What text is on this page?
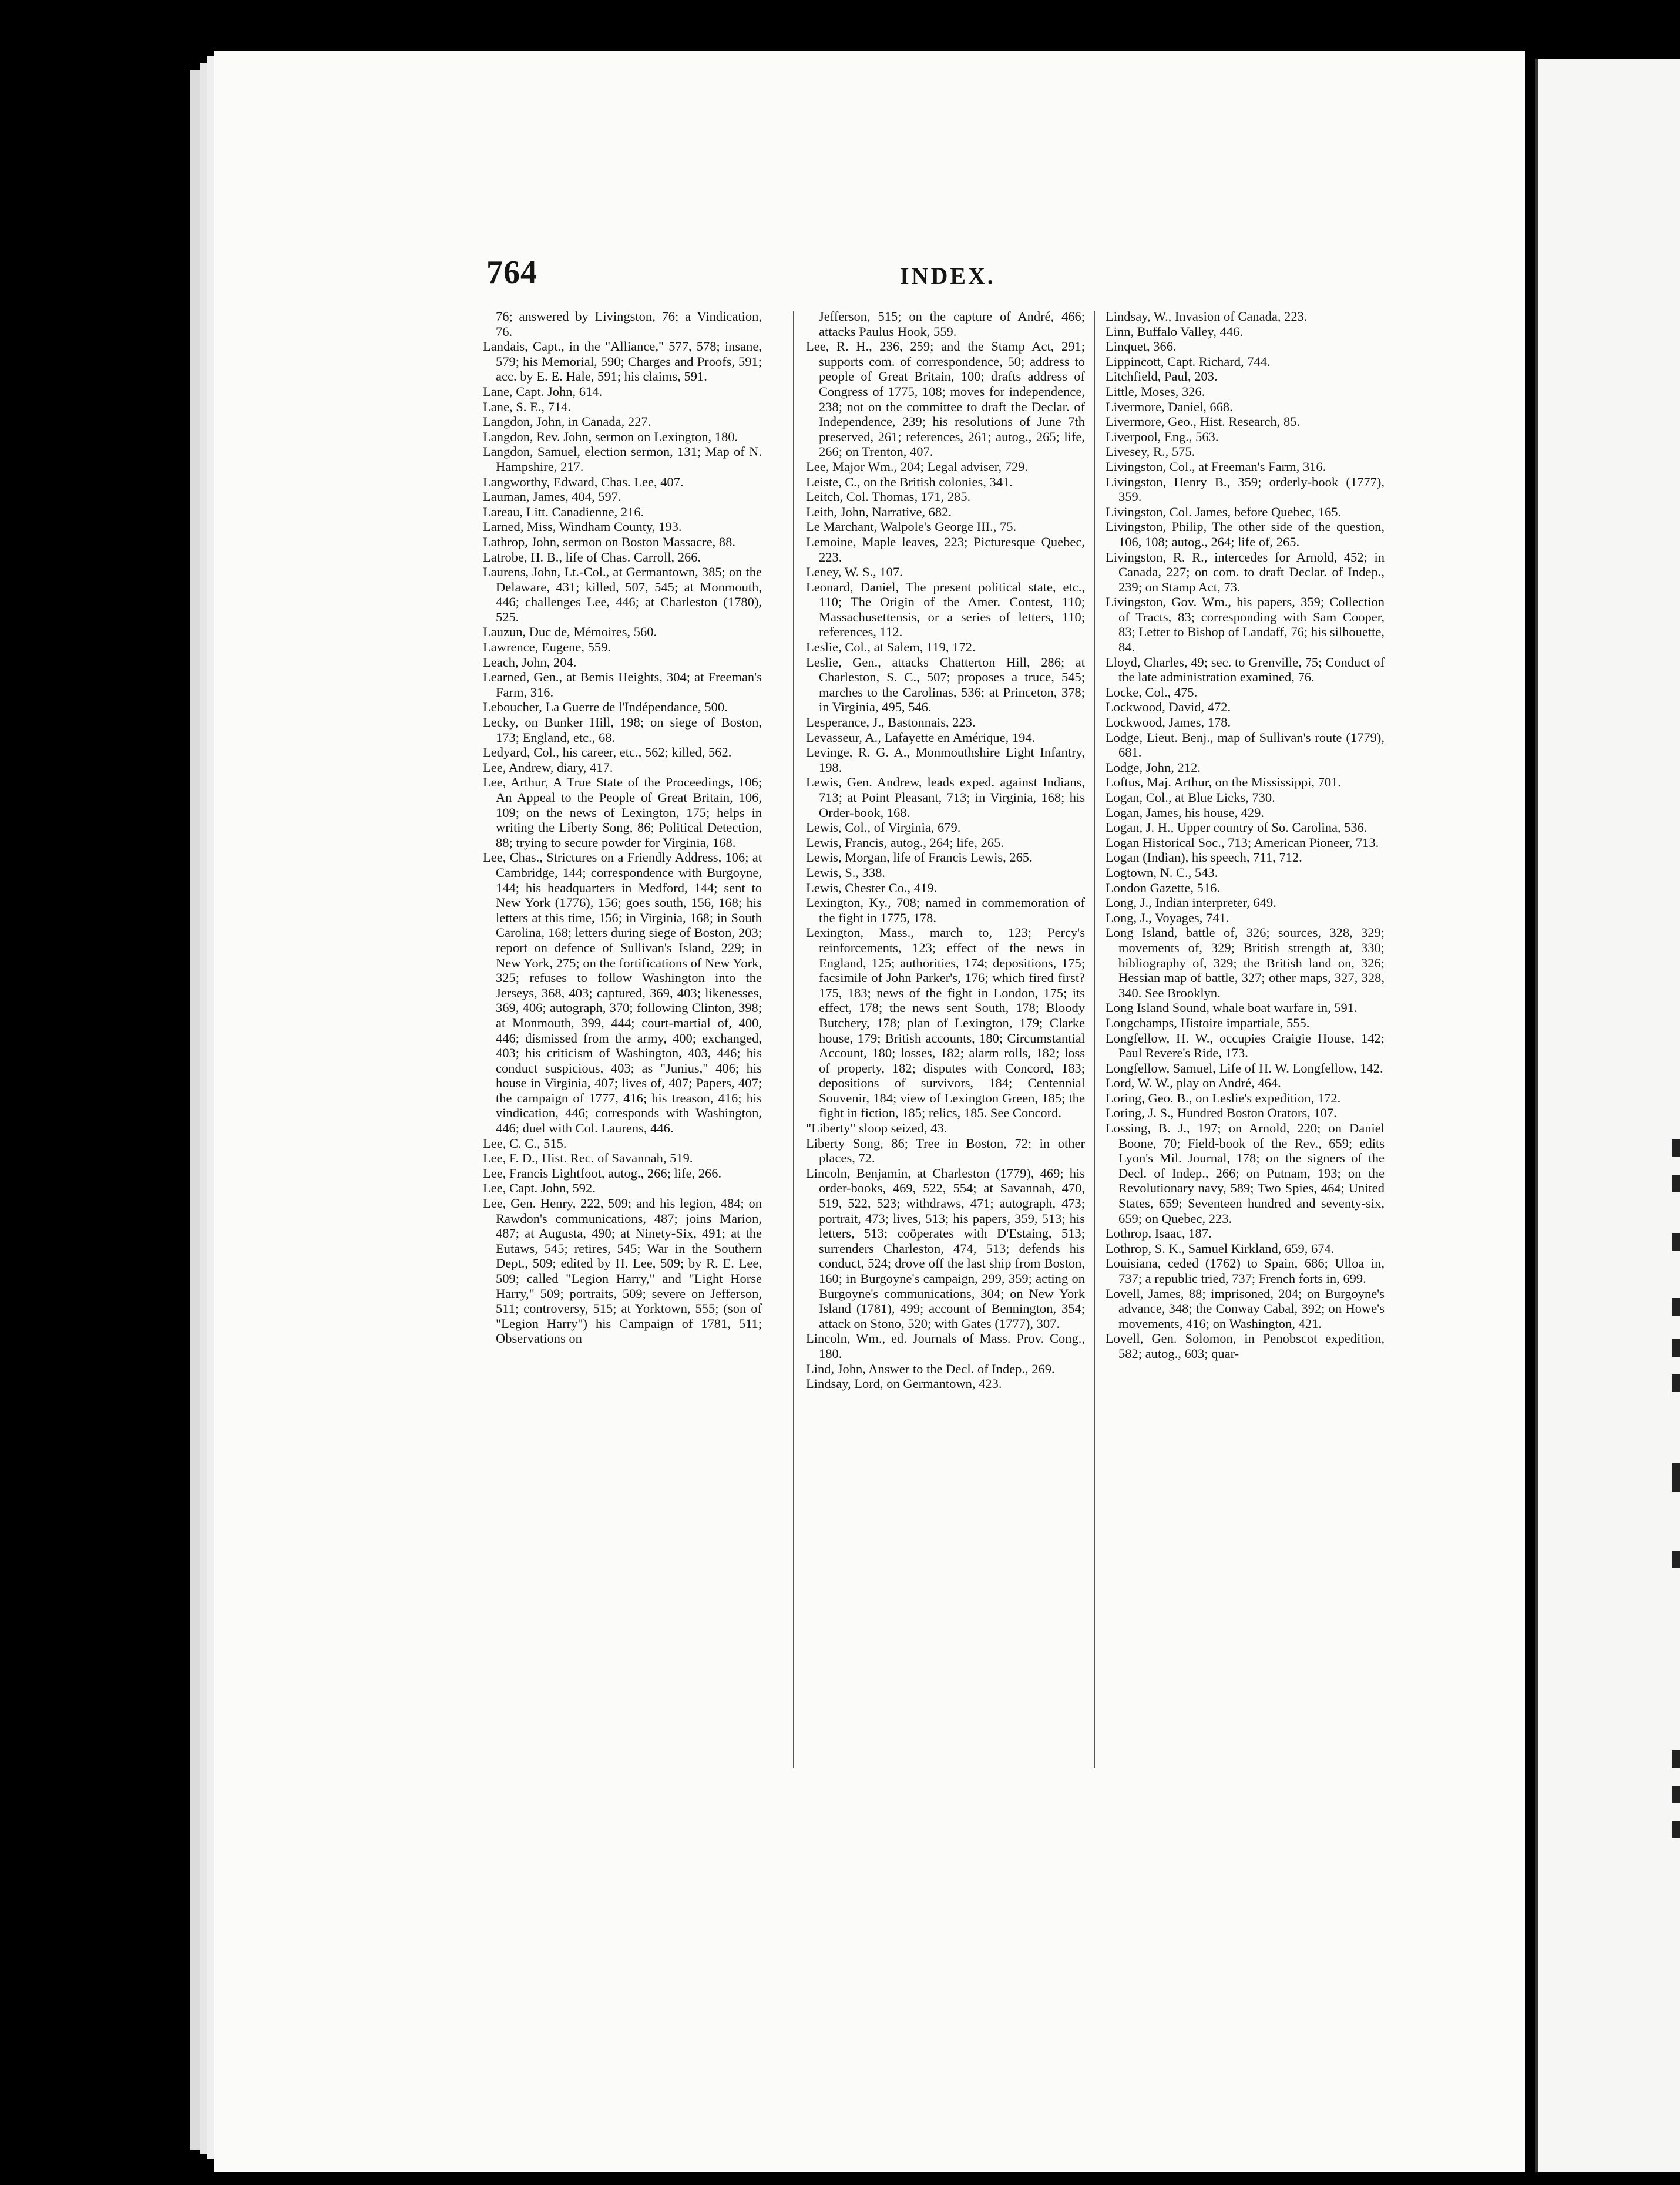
764	INDEX.

76; answered by Livingston, 76; a Vindication, 76.

Landais, Capt., in the "Alliance," 577, 578; insane, 579; his Memorial, 590; Charges and Proofs, 591; acc. by E. E. Hale, 591; his claims, 591.

Lane, Capt. John, 614.

Lane, S. E., 714.

Langdon, John, in Canada, 227.

Langdon, Rev. John, sermon on Lexington, 180.

Langdon, Samuel, election sermon, 131; Map of N. Hampshire, 217.

Langworthy, Edward, Chas. Lee, 407.

Lauman, James, 404, 597.

Lareau, Litt. Canadienne, 216.

Larned, Miss, Windham County, 193.

Lathrop, John, sermon on Boston Massacre, 88.

Latrobe, H. B., life of Chas. Carroll, 266.

Laurens, John, Lt.-Col., at Germantown, 385; on the Delaware, 431; killed, 507, 545; at Monmouth, 446; challenges Lee, 446; at Charleston (1780), 525.

Lauzun, Duc de, Mémoires, 560.

Lawrence, Eugene, 559.

Leach, John, 204.

Learned, Gen., at Bemis Heights, 304; at Freeman's Farm, 316.

Leboucher, La Guerre de l'Indépendance, 500.

Lecky, on Bunker Hill, 198; on siege of Boston, 173; England, etc., 68.

Ledyard, Col., his career, etc., 562; killed, 562.

Lee, Andrew, diary, 417.

Lee, Arthur, A True State of the Proceedings, 106; An Appeal to the People of Great Britain, 106, 109; on the news of Lexington, 175; helps in writing the Liberty Song, 86; Political Detection, 88; trying to secure powder for Virginia, 168.

Lee, Chas., Strictures on a Friendly Address, 106; at Cambridge, 144; correspondence with Burgoyne, 144; his headquarters in Medford, 144; sent to New York (1776), 156; goes south, 156, 168; his letters at this time, 156; in Virginia, 168; in South Carolina, 168; letters during siege of Boston, 203; report on defence of Sullivan's Island, 229; in New York, 275; on the fortifications of New York, 325; refuses to follow Washington into the Jerseys, 368, 403; captured, 369, 403; likenesses, 369, 406; autograph, 370; following Clinton, 398; at Monmouth, 399, 444; court-martial of, 400, 446; dismissed from the army, 400; exchanged, 403; his criticism of Washington, 403, 446; his conduct suspicious, 403; as "Junius," 406; his house in Virginia, 407; lives of, 407; Papers, 407; the campaign of 1777, 416; his treason, 416; his vindication, 446; corresponds with Washington, 446; duel with Col. Laurens, 446.

Lee, C. C., 515.

Lee, F. D., Hist. Rec. of Savannah, 519.

Lee, Francis Lightfoot, autog., 266; life, 266.

Lee, Capt. John, 592.

Lee, Gen. Henry, 222, 509; and his legion, 484; on Rawdon's communications, 487; joins Marion, 487; at Augusta, 490; at Ninety-Six, 491; at the Eutaws, 545; retires, 545; War in the Southern Dept., 509; edited by H. Lee, 509; by R. E. Lee, 509; called "Legion Harry," and "Light Horse Harry," 509; portraits, 509; severe on Jefferson, 511; controversy, 515; at Yorktown, 555; (son of "Legion Harry") his Campaign of 1781, 511; Observations on

Jefferson, 515; on the capture of André, 466; attacks Paulus Hook, 559.

Lee, R. H., 236, 259; and the Stamp Act, 291; supports com. of correspondence, 50; address to people of Great Britain, 100; drafts address of Congress of 1775, 108; moves for independence, 238; not on the committee to draft the Declar. of Independence, 239; his resolutions of June 7th preserved, 261; references, 261; autog., 265; life, 266; on Trenton, 407.

Lee, Major Wm., 204; Legal adviser, 729.

Leiste, C., on the British colonies, 341.

Leitch, Col. Thomas, 171, 285.

Leith, John, Narrative, 682.

Le Marchant, Walpole's George III., 75.

Lemoine, Maple leaves, 223; Picturesque Quebec, 223.

Leney, W. S., 107.

Leonard, Daniel, The present political state, etc., 110; The Origin of the Amer. Contest, 110; Massachusettensis, or a series of letters, 110; references, 112.

Leslie, Col., at Salem, 119, 172.

Leslie, Gen., attacks Chatterton Hill, 286; at Charleston, S. C., 507; proposes a truce, 545; marches to the Carolinas, 536; at Princeton, 378; in Virginia, 495, 546.

Lesperance, J., Bastonnais, 223.

Levasseur, A., Lafayette en Amérique, 194.

Levinge, R. G. A., Monmouthshire Light Infantry, 198.

Lewis, Gen. Andrew, leads exped. against Indians, 713; at Point Pleasant, 713; in Virginia, 168; his Order-book, 168.

Lewis, Col., of Virginia, 679.

Lewis, Francis, autog., 264; life, 265.

Lewis, Morgan, life of Francis Lewis, 265.

Lewis, S., 338.

Lewis, Chester Co., 419.

Lexington, Ky., 708; named in commemoration of the fight in 1775, 178.

Lexington, Mass., march to, 123; Percy's reinforcements, 123; effect of the news in England, 125; authorities, 174; depositions, 175; facsimile of John Parker's, 176; which fired first? 175, 183; news of the fight in London, 175; its effect, 178; the news sent South, 178; Bloody Butchery, 178; plan of Lexington, 179; Clarke house, 179; British accounts, 180; Circumstantial Account, 180; losses, 182; alarm rolls, 182; loss of property, 182; disputes with Concord, 183; depositions of survivors, 184; Centennial Souvenir, 184; view of Lexington Green, 185; the fight in fiction, 185; relics, 185. See Concord.

"Liberty" sloop seized, 43.

Liberty Song, 86; Tree in Boston, 72; in other places, 72.

Lincoln, Benjamin, at Charleston (1779), 469; his order-books, 469, 522, 554; at Savannah, 470, 519, 522, 523; withdraws, 471; autograph, 473; portrait, 473; lives, 513; his papers, 359, 513; his letters, 513; coöperates with D'Estaing, 513; surrenders Charleston, 474, 513; defends his conduct, 524; drove off the last ship from Boston, 160; in Burgoyne's campaign, 299, 359; acting on Burgoyne's communications, 304; on New York Island (1781), 499; account of Bennington, 354; attack on Stono, 520; with Gates (1777), 307.

Lincoln, Wm., ed. Journals of Mass. Prov. Cong., 180.

Lind, John, Answer to the Decl. of Indep., 269.

Lindsay, Lord, on Germantown, 423.

Lindsay, W., Invasion of Canada, 223.

Linn, Buffalo Valley, 446.

Linquet, 366.

Lippincott, Capt. Richard, 744.

Litchfield, Paul, 203.

Little, Moses, 326.

Livermore, Daniel, 668.

Livermore, Geo., Hist. Research, 85.

Liverpool, Eng., 563.

Livesey, R., 575.

Livingston, Col., at Freeman's Farm, 316.

Livingston, Henry B., 359; orderly-book (1777), 359.

Livingston, Col. James, before Quebec, 165.

Livingston, Philip, The other side of the question, 106, 108; autog., 264; life of, 265.

Livingston, R. R., intercedes for Arnold, 452; in Canada, 227; on com. to draft Declar. of Indep., 239; on Stamp Act, 73.

Livingston, Gov. Wm., his papers, 359; Collection of Tracts, 83; corresponding with Sam Cooper, 83; Letter to Bishop of Landaff, 76; his silhouette, 84.

Lloyd, Charles, 49; sec. to Grenville, 75; Conduct of the late administration examined, 76.

Locke, Col., 475.

Lockwood, David, 472.

Lockwood, James, 178.

Lodge, Lieut. Benj., map of Sullivan's route (1779), 681.

Lodge, John, 212.

Loftus, Maj. Arthur, on the Mississippi, 701.

Logan, Col., at Blue Licks, 730.

Logan, James, his house, 429.

Logan, J. H., Upper country of So. Carolina, 536.

Logan Historical Soc., 713; American Pioneer, 713.

Logan (Indian), his speech, 711, 712.

Logtown, N. C., 543.

London Gazette, 516.

Long, J., Indian interpreter, 649.

Long, J., Voyages, 741.

Long Island, battle of, 326; sources, 328, 329; movements of, 329; British strength at, 330; bibliography of, 329; the British land on, 326; Hessian map of battle, 327; other maps, 327, 328, 340. See Brooklyn.

Long Island Sound, whale boat warfare in, 591.

Longchamps, Histoire impartiale, 555.

Longfellow, H. W., occupies Craigie House, 142; Paul Revere's Ride, 173.

Longfellow, Samuel, Life of H. W. Longfellow, 142.

Lord, W. W., play on André, 464.

Loring, Geo. B., on Leslie's expedition, 172.

Loring, J. S., Hundred Boston Orators, 107.

Lossing, B. J., 197; on Arnold, 220; on Daniel Boone, 70; Field-book of the Rev., 659; edits Lyon's Mil. Journal, 178; on the signers of the Decl. of Indep., 266; on Putnam, 193; on the Revolutionary navy, 589; Two Spies, 464; United States, 659; Seventeen hundred and seventy-six, 659; on Quebec, 223.

Lothrop, Isaac, 187.

Lothrop, S. K., Samuel Kirkland, 659, 674.

Louisiana, ceded (1762) to Spain, 686; Ulloa in, 737; a republic tried, 737; French forts in, 699.

Lovell, James, 88; imprisoned, 204; on Burgoyne's advance, 348; the Conway Cabal, 392; on Howe's movements, 416; on Washington, 421.

Lovell, Gen. Solomon, in Penobscot expedition, 582; autog., 603; quar-
